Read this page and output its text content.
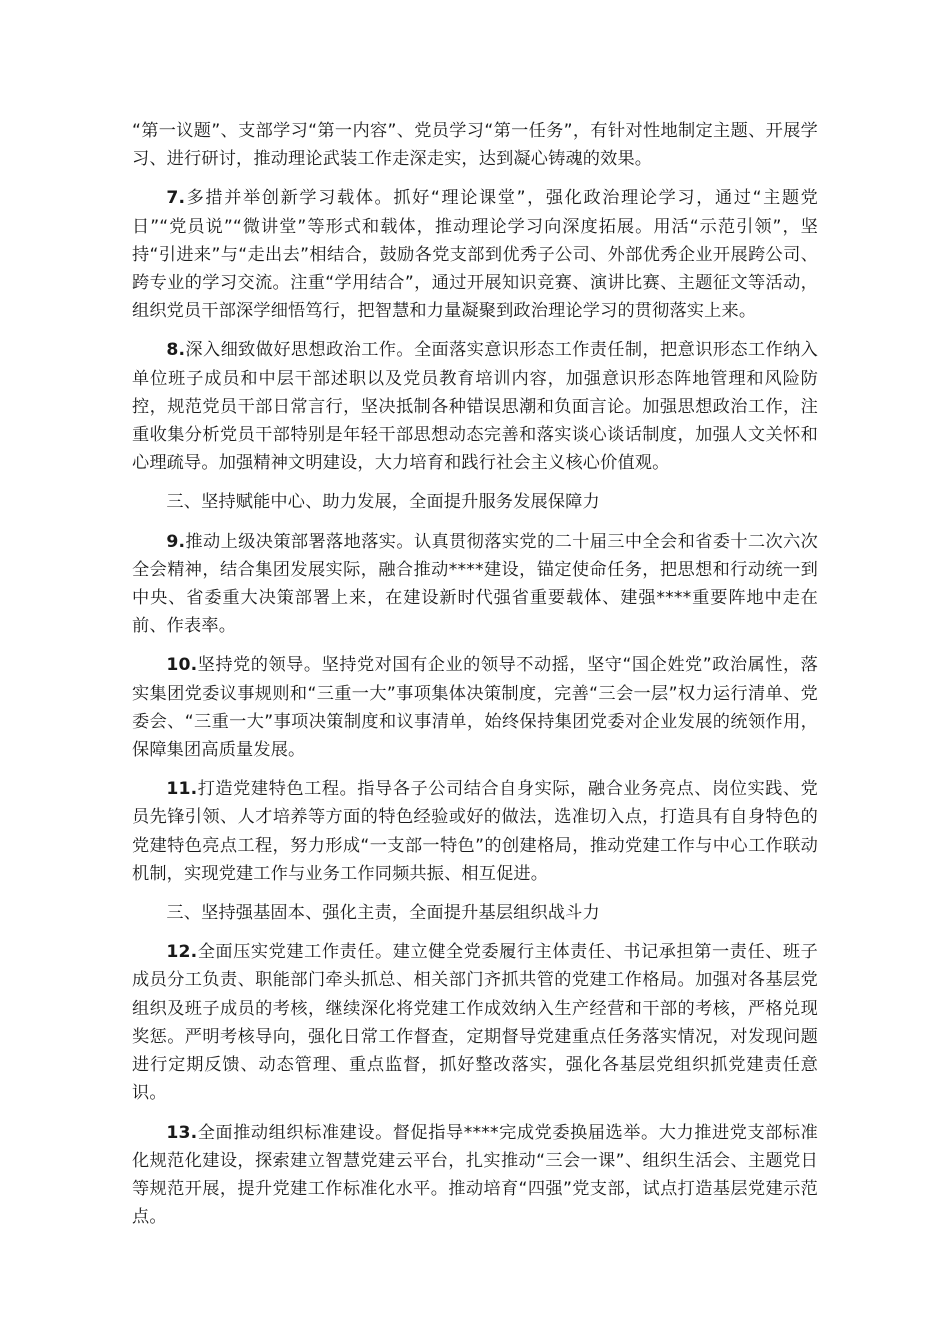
“第一议题”、支部学习“第一内容”、党员学习“第一任务”，有针对性地制定主题、开展学习、进行研讨，推动理论武装工作走深走实，达到凝心铸魂的效果。

7.多措并举创新学习载体。抓好“理论课堂”，强化政治理论学习，通过“主题党日”“党员说”“微讲堂”等形式和载体，推动理论学习向深度拓展。用活“示范引领”，坚持“引进来”与“走出去”相结合，鼓励各党支部到优秀子公司、外部优秀企业开展跨公司、跨专业的学习交流。注重“学用结合”，通过开展知识竞赛、演讲比赛、主题征文等活动，组织党员干部深学细悟笃行，把智慧和力量凝聚到政治理论学习的贯彻落实上来。

8.深入细致做好思想政治工作。全面落实意识形态工作责任制，把意识形态工作纳入单位班子成员和中层干部述职以及党员教育培训内容，加强意识形态阵地管理和风险防控，规范党员干部日常言行，坚决抵制各种错误思潮和负面言论。加强思想政治工作，注重收集分析党员干部特别是年轻干部思想动态完善和落实谈心谈话制度，加强人文关怀和心理疏导。加强精神文明建设，大力培育和践行社会主义核心价值观。

三、坚持赋能中心、助力发展，全面提升服务发展保障力

9.推动上级决策部署落地落实。认真贯彻落实党的二十届三中全会和省委十二次六次全会精神，结合集团发展实际，融合推动****建设，锚定使命任务，把思想和行动统一到中央、省委重大决策部署上来，在建设新时代强省重要载体、建强****重要阵地中走在前、作表率。

10.坚持党的领导。坚持党对国有企业的领导不动摇，坚守“国企姓党”政治属性，落实集团党委议事规则和“三重一大”事项集体决策制度，完善“三会一层”权力运行清单、党委会、“三重一大”事项决策制度和议事清单，始终保持集团党委对企业发展的统领作用，保障集团高质量发展。

11.打造党建特色工程。指导各子公司结合自身实际，融合业务亮点、岗位实践、党员先锋引领、人才培养等方面的特色经验或好的做法，选准切入点，打造具有自身特色的党建特色亮点工程，努力形成“一支部一特色”的创建格局，推动党建工作与中心工作联动机制，实现党建工作与业务工作同频共振、相互促进。

三、坚持强基固本、强化主责，全面提升基层组织战斗力

12.全面压实党建工作责任。建立健全党委履行主体责任、书记承担第一责任、班子成员分工负责、职能部门牵头抓总、相关部门齐抓共管的党建工作格局。加强对各基层党组织及班子成员的考核，继续深化将党建工作成效纳入生产经营和干部的考核，严格兑现奖惩。严明考核导向，强化日常工作督查，定期督导党建重点任务落实情况，对发现问题进行定期反馈、动态管理、重点监督，抓好整改落实，强化各基层党组织抓党建责任意识。

13.全面推动组织标准建设。督促指导****完成党委换届选举。大力推进党支部标准化规范化建设，探索建立智慧党建云平台，扎实推动“三会一课”、组织生活会、主题党日等规范开展，提升党建工作标准化水平。推动培育“四强”党支部，试点打造基层党建示范点。
